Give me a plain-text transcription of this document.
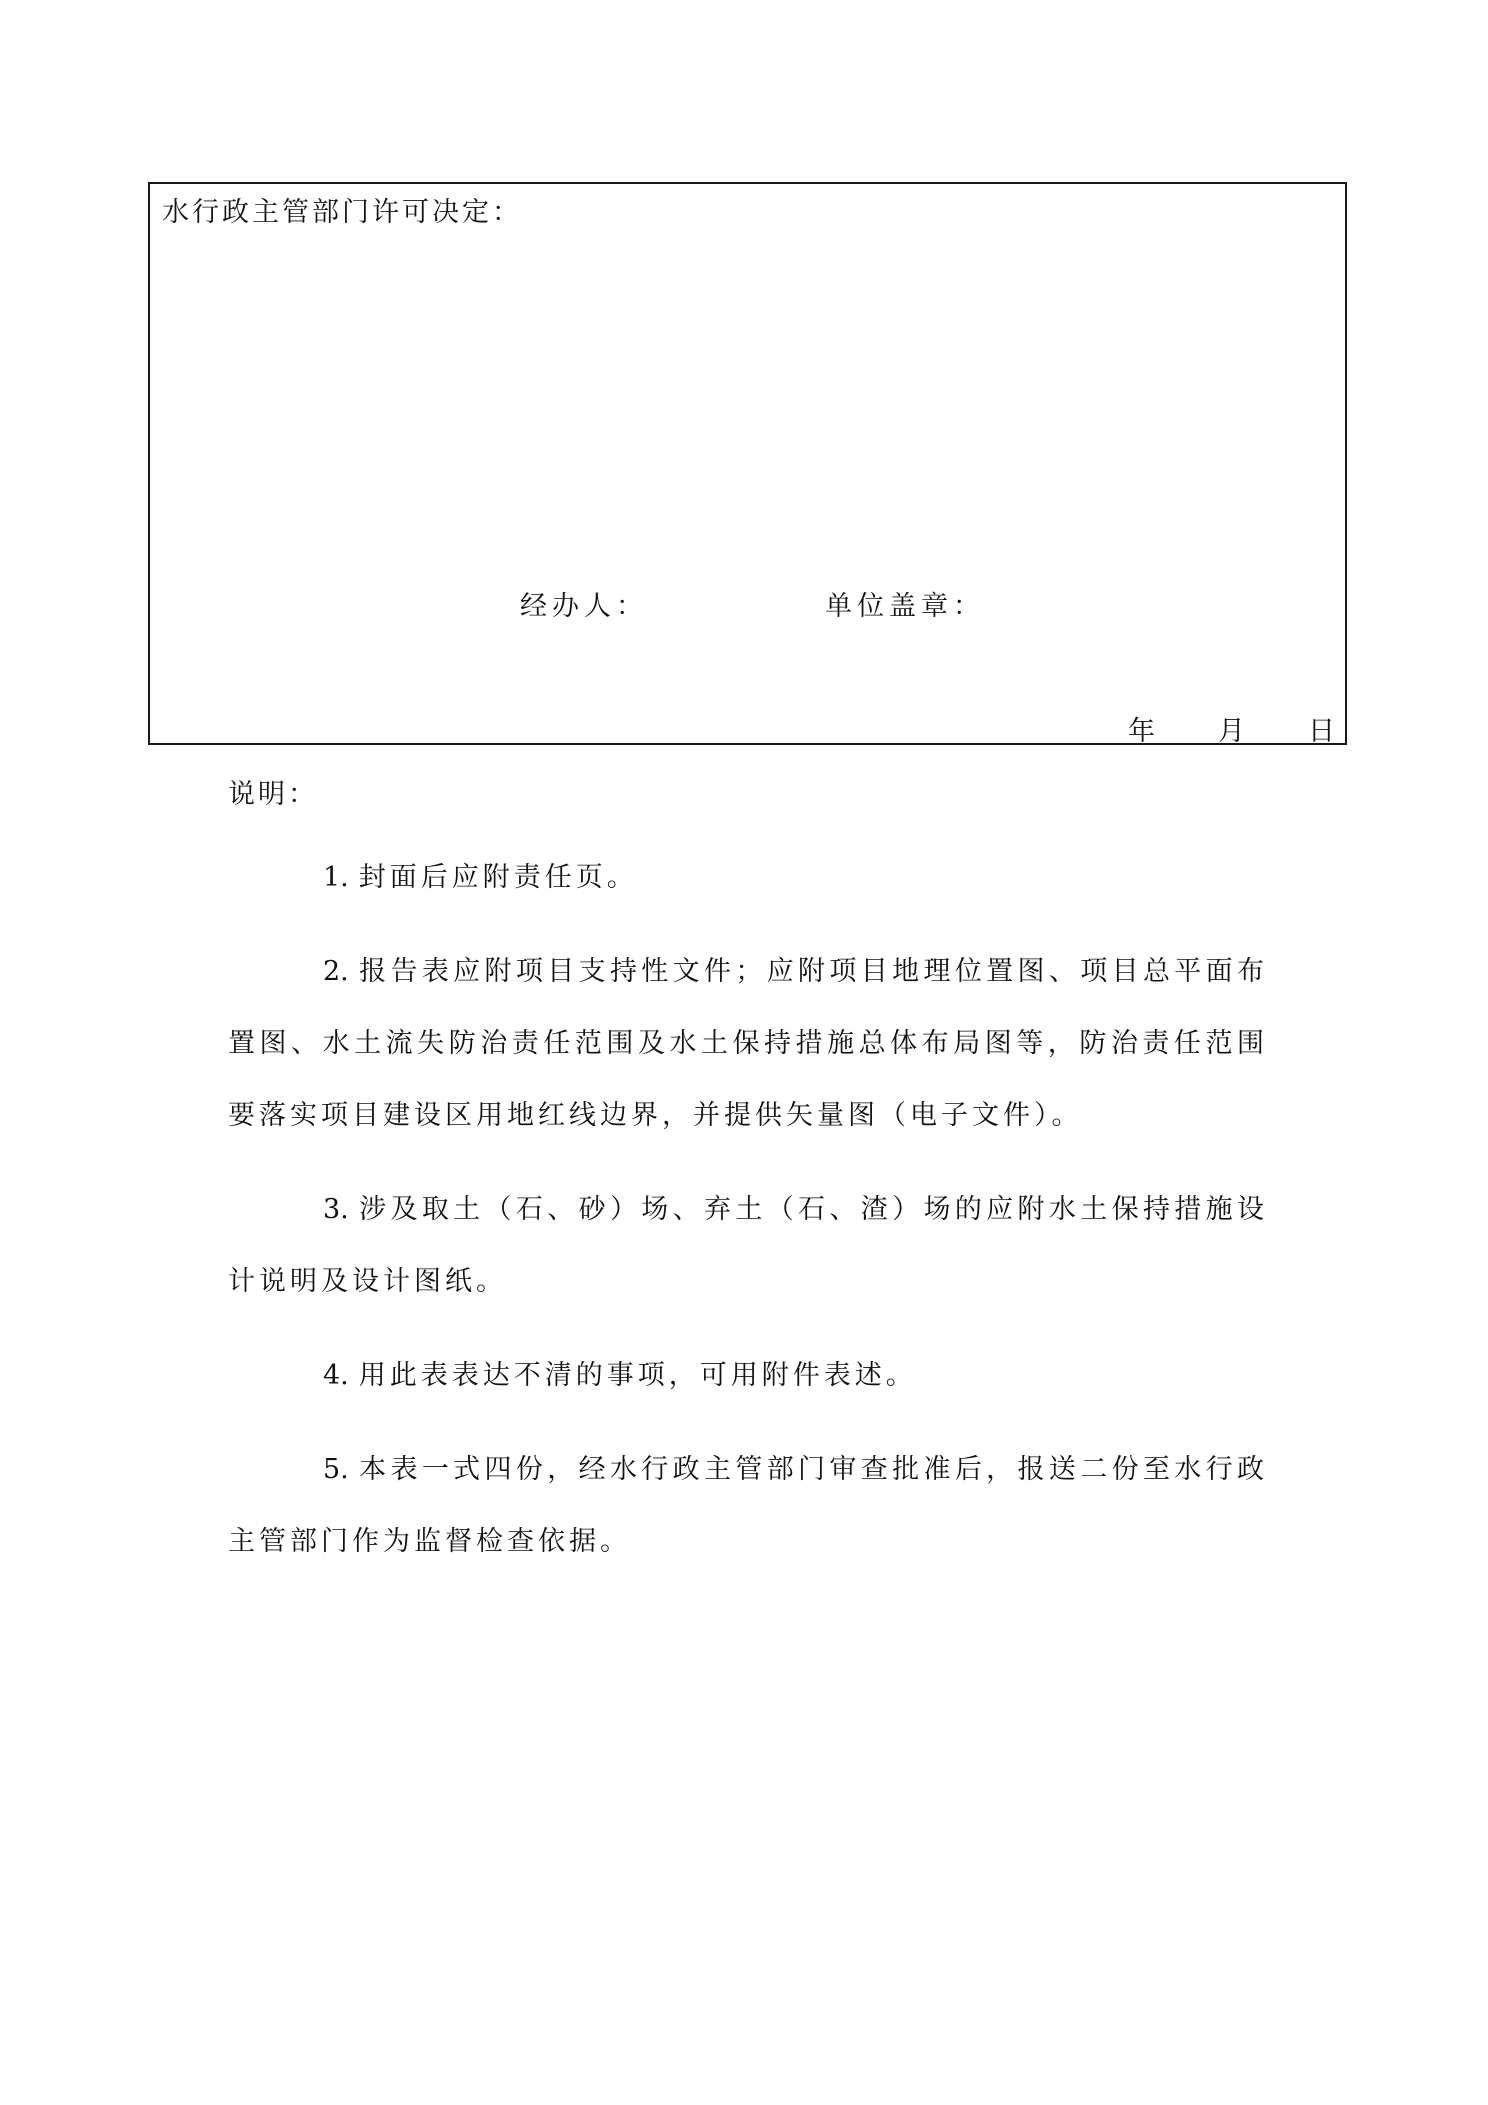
水行政主管部门许可决定：
经办人：	单位盖章：
年 月 日
说明：
1. 封面后应附责任页。
2. 报告表应附项目支持性文件；应附项目地理位置图、项目总平面布置图、水土流失防治责任范围及水土保持措施总体布局图等，防治责任范围要落实项目建设区用地红线边界，并提供矢量图（电子文件）。
3. 涉及取土（石、砂）场、弃土（石、渣）场的应附水土保持措施设计说明及设计图纸。
4. 用此表表达不清的事项，可用附件表述。
5. 本表一式四份，经水行政主管部门审查批准后，报送二份至水行政主管部门作为监督检查依据。
